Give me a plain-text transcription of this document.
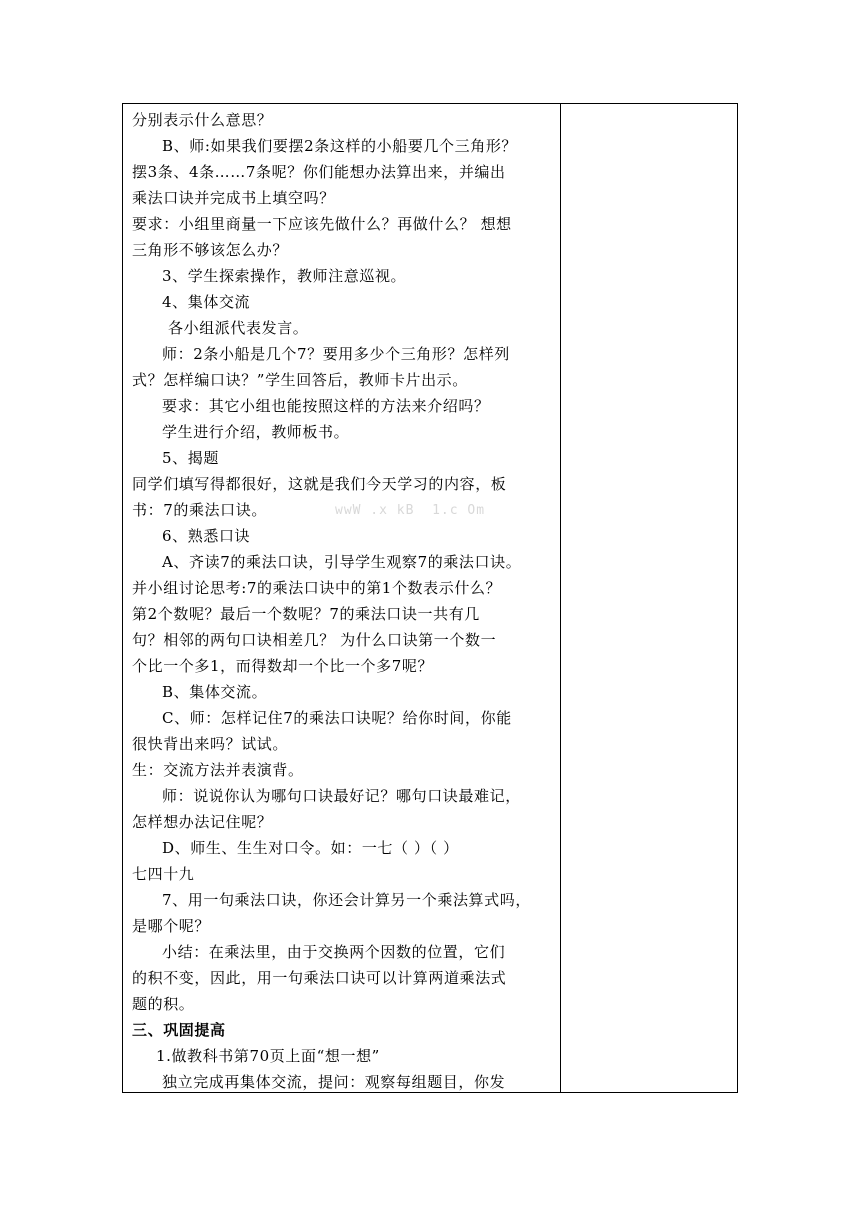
分别表示什么意思？
B、师:如果我们要摆2条这样的小船要几个三角形？
摆3条、4条……7条呢？你们能想办法算出来，并编出
乘法口诀并完成书上填空吗？
要求：小组里商量一下应该先做什么？再做什么？ 想想
三角形不够该怎么办？
3、学生探索操作，教师注意巡视。
4、集体交流
各小组派代表发言。
师：2条小船是几个7？要用多少个三角形？怎样列
式？怎样编口诀？”学生回答后，教师卡片出示。
要求：其它小组也能按照这样的方法来介绍吗？
学生进行介绍，教师板书。
5、揭题
同学们填写得都很好，这就是我们今天学习的内容，板
书：7的乘法口诀。
6、熟悉口诀
A、齐读7的乘法口诀，引导学生观察7的乘法口诀。
并小组讨论思考:7的乘法口诀中的第1个数表示什么？
第2个数呢？最后一个数呢？7的乘法口诀一共有几
句？相邻的两句口诀相差几？ 为什么口诀第一个数一
个比一个多1，而得数却一个比一个多7呢？
B、集体交流。
C、师：怎样记住7的乘法口诀呢？给你时间，你能
很快背出来吗？试试。
生：交流方法并表演背。
师：说说你认为哪句口诀最好记？哪句口诀最难记，
怎样想办法记住呢？
D、师生、生生对口令。如：一七（ ）（ ）
七四十九
7、用一句乘法口诀，你还会计算另一个乘法算式吗，
是哪个呢？
小结：在乘法里，由于交换两个因数的位置，它们
的积不变，因此，用一句乘法口诀可以计算两道乘法式
题的积。
三、巩固提高
1.做教科书第70页上面“想一想”
独立完成再集体交流，提问：观察每组题目，你发
wwW .x kB  1.c Om
